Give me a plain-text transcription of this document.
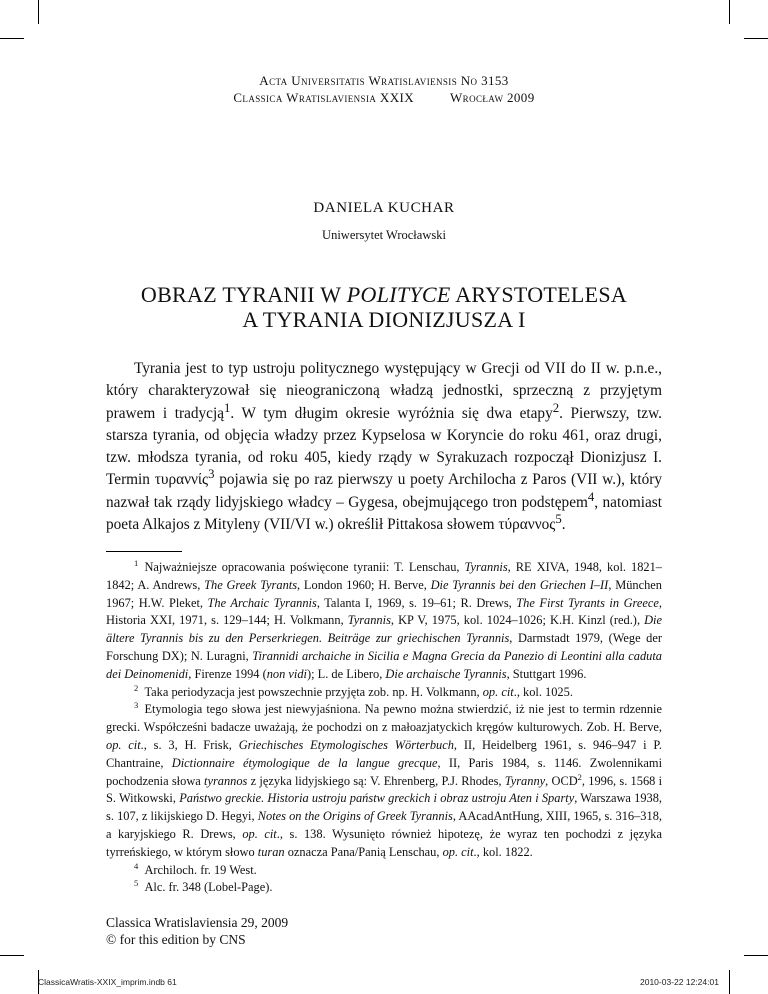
Acta Universitatis Wratislaviensis No 3153
Classica Wratislaviensia XXIX	Wrocław 2009
DANIELA KUCHAR
Uniwersytet Wrocławski
OBRAZ TYRANII W POLITYCE ARYSTOTELESA
A TYRANIA DIONIZJUSZA I
Tyrania jest to typ ustroju politycznego występujący w Grecji od VII do II w. p.n.e., który charakteryzował się nieograniczoną władzą jednostki, sprzeczną z przyjętym prawem i tradycją$^1$. W tym długim okresie wyróżnia się dwa etapy$^2$. Pierwszy, tzw. starsza tyrania, od objęcia władzy przez Kypselosa w Koryncie do roku 461, oraz drugi, tzw. młodsza tyrania, od roku 405, kiedy rządy w Syrakuzach rozpoczął Dionizjusz I. Termin τυραννίς$^3$ pojawia się po raz pierwszy u poety Archilocha z Paros (VII w.), który nazwał tak rządy lidyjskiego władcy – Gygesa, obejmującego tron podstępem$^4$, natomiast poeta Alkajos z Mityleny (VII/VI w.) określił Pittakosa słowem τύραννος$^5$.
$^1$  Najważniejsze opracowania poświęcone tyranii: T. Lenschau, Tyrannis, RE XIVA, 1948, kol. 1821–1842; A. Andrews, The Greek Tyrants, London 1960; H. Berve, Die Tyrannis bei den Griechen I–II, München 1967; H.W. Pleket, The Archaic Tyrannis, Talanta I, 1969, s. 19–61; R. Drews, The First Tyrants in Greece, Historia XXI, 1971, s. 129–144; H. Volkmann, Tyrannis, KP V, 1975, kol. 1024–1026; K.H. Kinzl (red.), Die ältere Tyrannis bis zu den Perserkriegen. Beiträge zur griechischen Tyrannis, Darmstadt 1979, (Wege der Forschung DX); N. Luragni, Tirannidi archaiche in Sicilia e Magna Grecia da Panezio di Leontini alla caduta dei Deinomenidi, Firenze 1994 (non vidi); L. de Libero, Die archaische Tyrannis, Stuttgart 1996.
$^2$  Taka periodyzacja jest powszechnie przyjęta zob. np. H. Volkmann, op. cit., kol. 1025.
$^3$  Etymologia tego słowa jest niewyjaśniona. Na pewno można stwierdzić, iż nie jest to termin rdzennie grecki. Współcześni badacze uważają, że pochodzi on z małoazjatyckich kręgów kulturowych. Zob. H. Berve, op. cit., s. 3, H. Frisk, Griechisches Etymologisches Wörterbuch, II, Heidelberg 1961, s. 946–947 i P. Chantraine, Dictionnaire étymologique de la langue grecque, II, Paris 1984, s. 1146. Zwolennikami pochodzenia słowa tyrannos z języka lidyjskiego są: V. Ehrenberg, P.J. Rhodes, Tyranny, OCD$^2$, 1996, s. 1568 i S. Witkowski, Państwo greckie. Historia ustroju państw greckich i obraz ustroju Aten i Sparty, Warszawa 1938, s. 107, z likijskiego D. Hegyi, Notes on the Origins of Greek Tyrannis, AAcadAntHung, XIII, 1965, s. 316–318, a karyjskiego R. Drews, op. cit., s. 138. Wysunięto również hipotezę, że wyraz ten pochodzi z języka tyrreńskiego, w którym słowo turan oznacza Pana/Panią Lenschau, op. cit., kol. 1822.
$^4$  Archiloch. fr. 19 West.
$^5$  Alc. fr. 348 (Lobel-Page).
Classica Wratislaviensia 29, 2009
© for this edition by CNS
ClassicaWratis-XXIX_imprim.indb 61	2010-03-22 12:24:01
